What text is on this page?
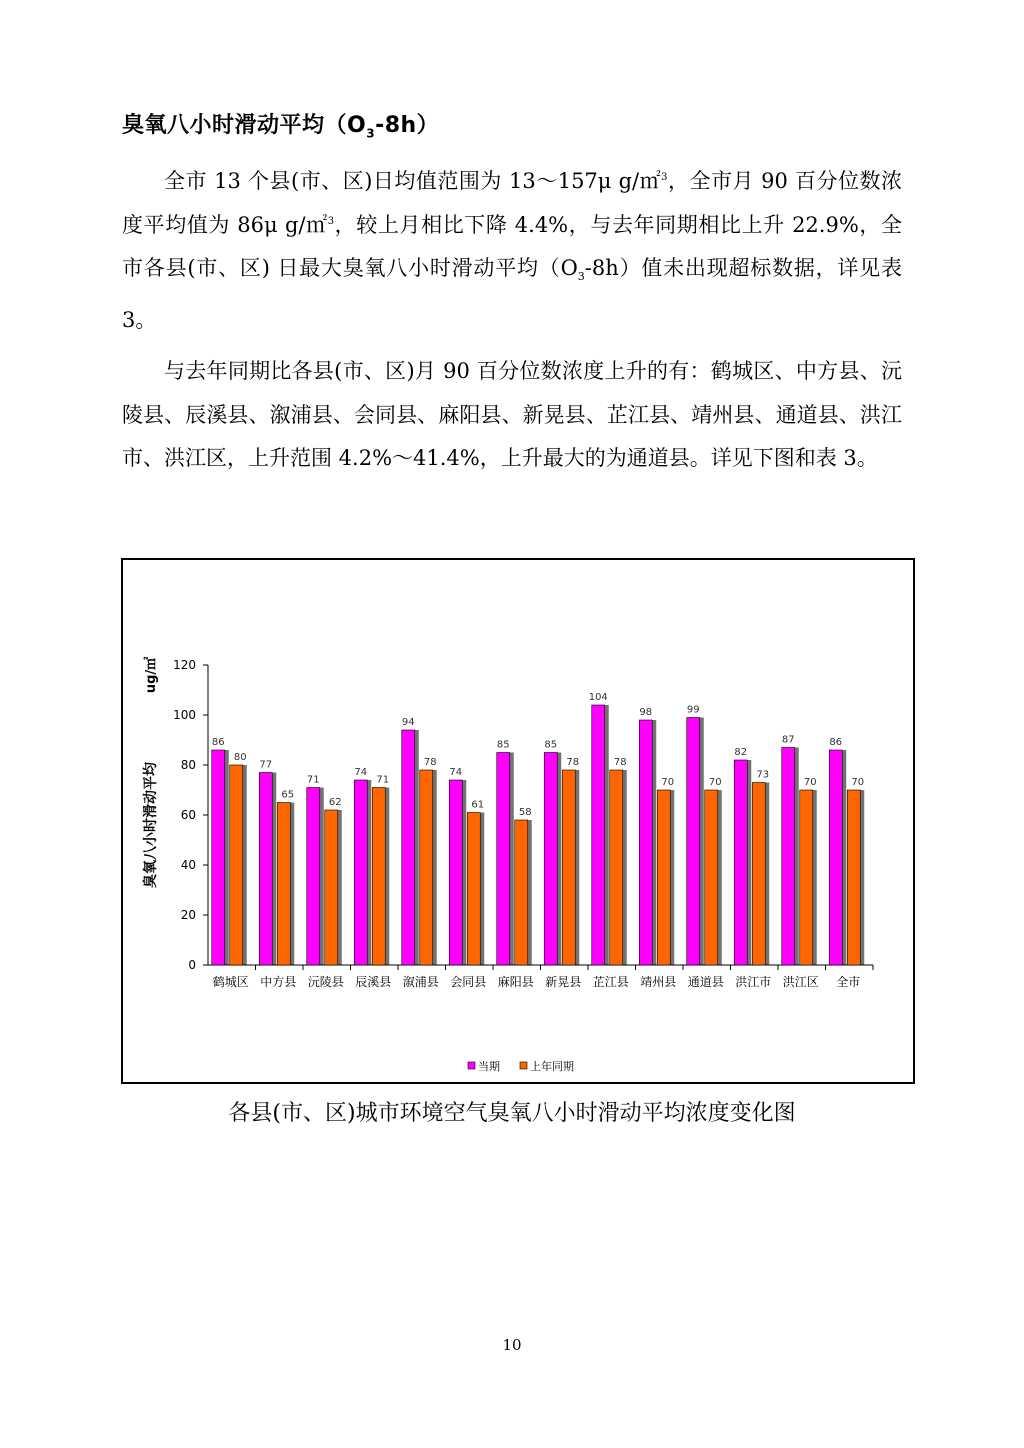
臭氧八小时滑动平均$(O_3-8h)$

全市 13 个县(市、区)日均值范围为 13～157μ g/㎡$^3$，全市月 90 百分位数浓度平均值为 86μ g/㎡$^3$，较上月相比下降 4.4%，与去年同期相比上升 22.9%，全市各县(市、区) 日最大臭氧八小时滑动平均$(O_3-8h)$值未出现超标数据，详见表 3。

与去年同期比各县(市、区)月 90 百分位数浓度上升的有：鹤城区、中方县、沅陵县、辰溪县、溆浦县、会同县、麻阳县、新晃县、芷江县、靖州县、通道县、洪江市、洪江区，上升范围 4.2%～41.4%，上升最大的为通道县。详见下图和表 3。

0
20
40
60
80
100
120
臭氧八小时滑动平均
ug/㎡
鹤城区
86
80
中方县
77
65
沅陵县
71
62
辰溪县
74
71
溆浦县
94
78
会同县
74
61
麻阳县
85
58
新晃县
85
78
芷江县
104
78
靖州县
98
70
通道县
99
70
洪江市
82
73
洪江区
87
70
全市
86
70
当期	上年同期
各县(市、区)城市环境空气臭氧八小时滑动平均浓度变化图
10
